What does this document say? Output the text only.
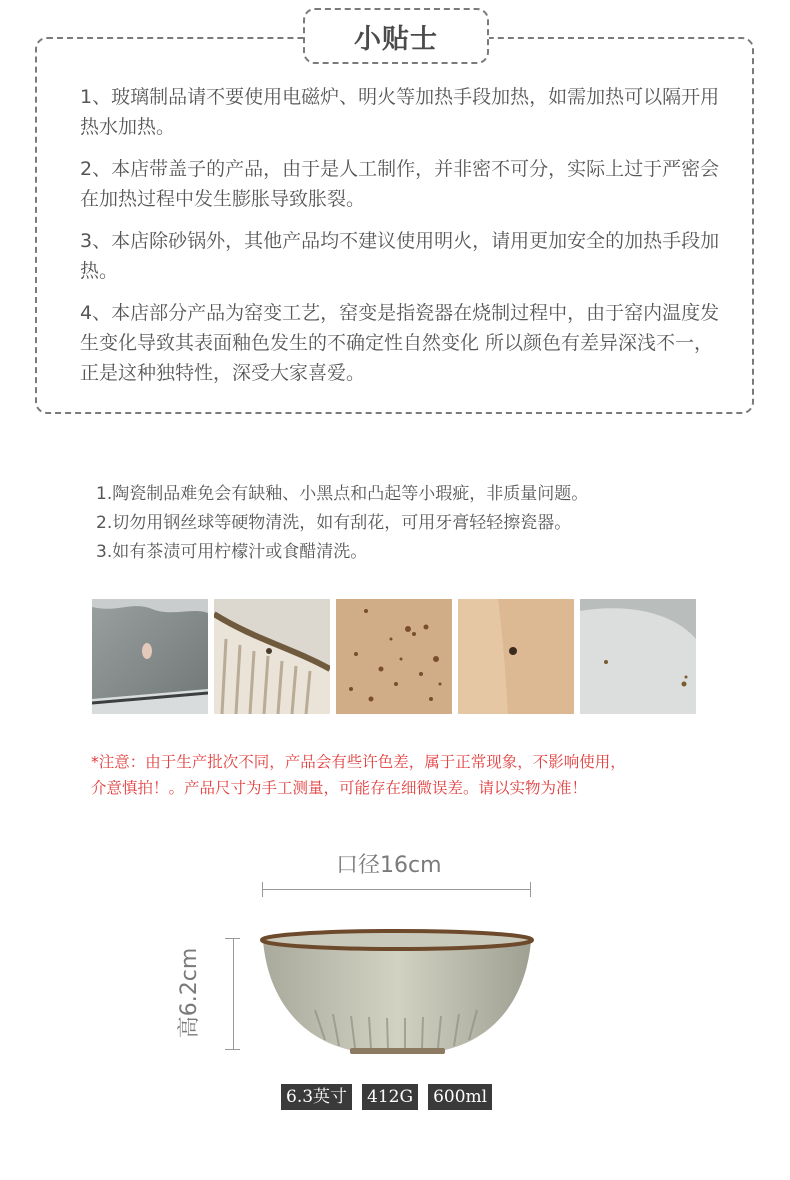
小贴士
1、玻璃制品请不要使用电磁炉、明火等加热手段加热，如需加热可以隔开用热水加热。
2、本店带盖子的产品，由于是人工制作，并非密不可分，实际上过于严密会在加热过程中发生膨胀导致胀裂。
3、本店除砂锅外，其他产品均不建议使用明火，请用更加安全的加热手段加热。
4、本店部分产品为窑变工艺，窑变是指瓷器在烧制过程中，由于窑内温度发生变化导致其表面釉色发生的不确定性自然变化 所以颜色有差异深浅不一，正是这种独特性，深受大家喜爱。
1.陶瓷制品难免会有缺釉、小黑点和凸起等小瑕疵，非质量问题。
2.切勿用钢丝球等硬物清洗，如有刮花，可用牙膏轻轻擦瓷器。
3.如有茶渍可用柠檬汁或食醋清洗。
*注意：由于生产批次不同，产品会有些许色差，属于正常现象，不影响使用，
介意慎拍！。产品尺寸为手工测量，可能存在细微误差。请以实物为准！
口径16cm
高6.2cm
6.3英寸 412G 600ml
